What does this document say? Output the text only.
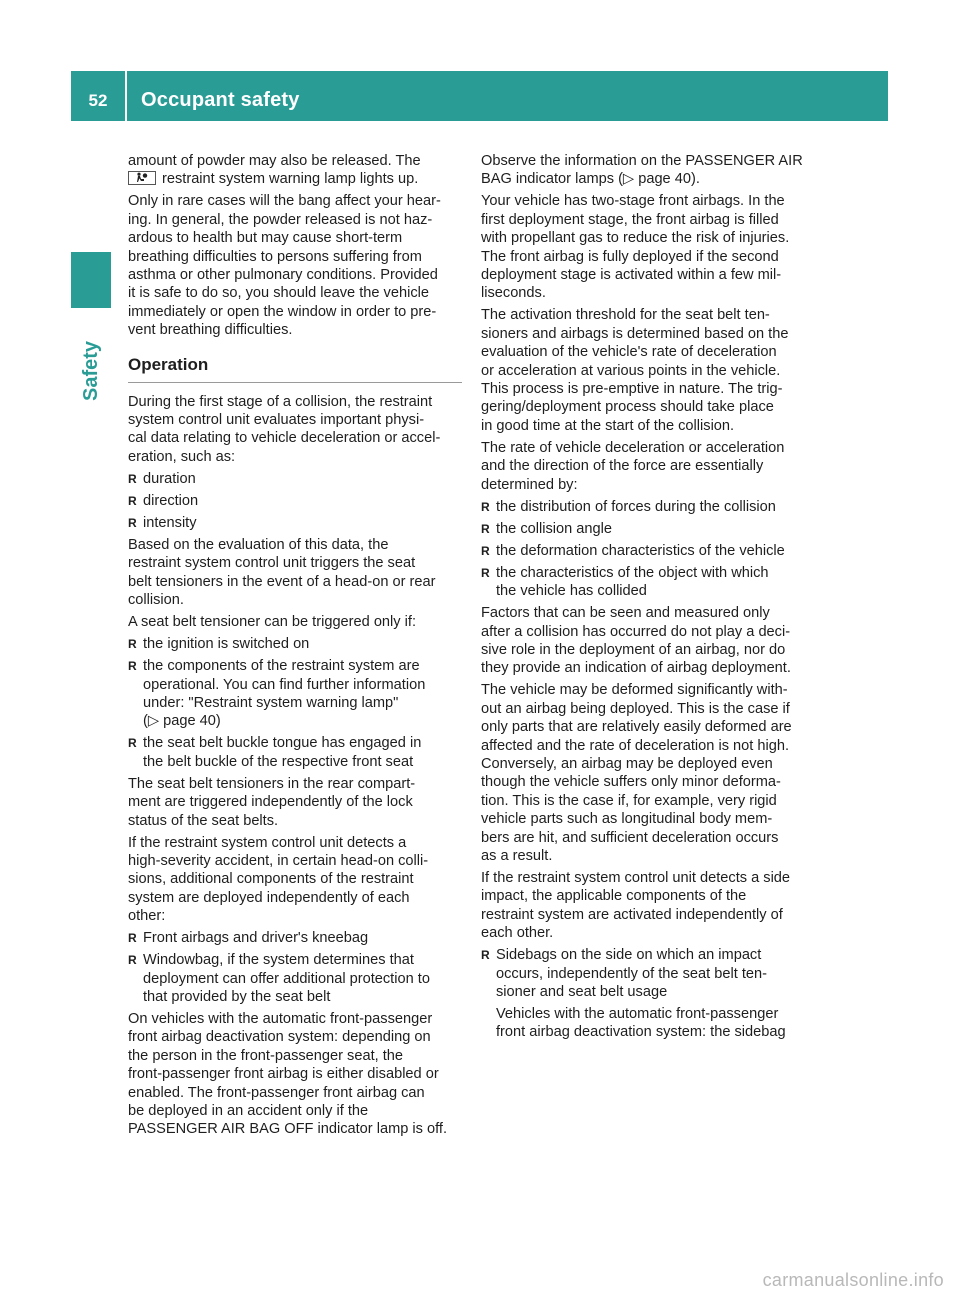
52	Occupant safety
Safety

amount of powder may also be released. The

restraint system warning lamp lights up.

Only in rare cases will the bang affect your hear-
ing. In general, the powder released is not haz-
ardous to health but may cause short-term
breathing difficulties to persons suffering from
asthma or other pulmonary conditions. Provided
it is safe to do so, you should leave the vehicle
immediately or open the window in order to pre-
vent breathing difficulties.

Operation

During the first stage of a collision, the restraint
system control unit evaluates important physi-
cal data relating to vehicle deceleration or accel-
eration, such as:

R duration
R direction
R intensity

Based on the evaluation of this data, the
restraint system control unit triggers the seat
belt tensioners in the event of a head-on or rear
collision.

A seat belt tensioner can be triggered only if:

R the ignition is switched on
R the components of the restraint system are
operational. You can find further information
under: "Restraint system warning lamp"
(▷ page 40)
R the seat belt buckle tongue has engaged in
the belt buckle of the respective front seat

The seat belt tensioners in the rear compart-
ment are triggered independently of the lock
status of the seat belts.

If the restraint system control unit detects a
high-severity accident, in certain head-on colli-
sions, additional components of the restraint
system are deployed independently of each
other:

R Front airbags and driver's kneebag
R Windowbag, if the system determines that
deployment can offer additional protection to
that provided by the seat belt

On vehicles with the automatic front-passenger
front airbag deactivation system: depending on
the person in the front-passenger seat, the
front-passenger front airbag is either disabled or
enabled. The front-passenger front airbag can
be deployed in an accident only if the
PASSENGER AIR BAG OFF indicator lamp is off.

Observe the information on the PASSENGER AIR
BAG indicator lamps (▷ page 40).

Your vehicle has two-stage front airbags. In the
first deployment stage, the front airbag is filled
with propellant gas to reduce the risk of injuries.
The front airbag is fully deployed if the second
deployment stage is activated within a few mil-
liseconds.

The activation threshold for the seat belt ten-
sioners and airbags is determined based on the
evaluation of the vehicle's rate of deceleration
or acceleration at various points in the vehicle.
This process is pre-emptive in nature. The trig-
gering/deployment process should take place
in good time at the start of the collision.

The rate of vehicle deceleration or acceleration
and the direction of the force are essentially
determined by:

R the distribution of forces during the collision
R the collision angle
R the deformation characteristics of the vehicle
R the characteristics of the object with which
the vehicle has collided

Factors that can be seen and measured only
after a collision has occurred do not play a deci-
sive role in the deployment of an airbag, nor do
they provide an indication of airbag deployment.

The vehicle may be deformed significantly with-
out an airbag being deployed. This is the case if
only parts that are relatively easily deformed are
affected and the rate of deceleration is not high.
Conversely, an airbag may be deployed even
though the vehicle suffers only minor deforma-
tion. This is the case if, for example, very rigid
vehicle parts such as longitudinal body mem-
bers are hit, and sufficient deceleration occurs
as a result.

If the restraint system control unit detects a side
impact, the applicable components of the
restraint system are activated independently of
each other.

R Sidebags on the side on which an impact
occurs, independently of the seat belt ten-
sioner and seat belt usage

Vehicles with the automatic front-passenger
front airbag deactivation system: the sidebag

carmanualsonline.info
